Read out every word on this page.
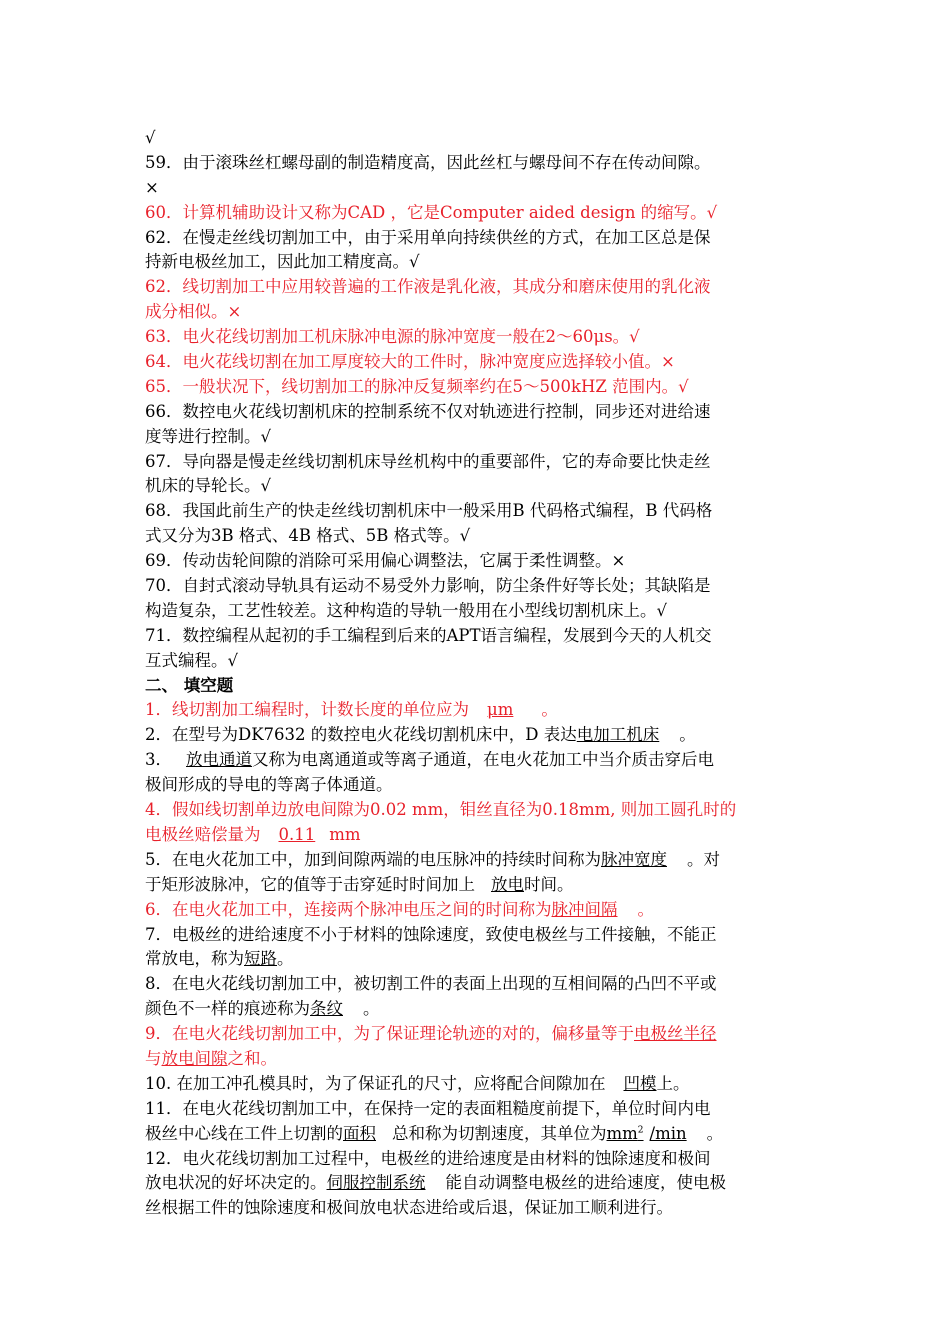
√
59．由于滚珠丝杠螺母副的制造精度高，因此丝杠与螺母间不存在传动间隙。
×
60．计算机辅助设计又称为CAD ，它是Computer aided design 的缩写。√
62．在慢走丝线切割加工中，由于采用单向持续供丝的方式，在加工区总是保
持新电极丝加工，因此加工精度高。√
62．线切割加工中应用较普遍的工作液是乳化液，其成分和磨床使用的乳化液
成分相似。×
63．电火花线切割加工机床脉冲电源的脉冲宽度一般在2～60μs。√
64．电火花线切割在加工厚度较大的工件时，脉冲宽度应选择较小值。×
65．一般状况下，线切割加工的脉冲反复频率约在5～500kHZ 范围内。√
66．数控电火花线切割机床的控制系统不仅对轨迹进行控制，同步还对进给速
度等进行控制。√
67．导向器是慢走丝线切割机床导丝机构中的重要部件，它的寿命要比快走丝
机床的导轮长。√
68．我国此前生产的快走丝线切割机床中一般采用B 代码格式编程，B 代码格
式又分为3B 格式、4B 格式、5B 格式等。√
69．传动齿轮间隙的消除可采用偏心调整法，它属于柔性调整。×
70．自封式滚动导轨具有运动不易受外力影响，防尘条件好等长处；其缺陷是
构造复杂，工艺性较差。这种构造的导轨一般用在小型线切割机床上。√
71．数控编程从起初的手工编程到后来的APT语言编程，发展到今天的人机交
互式编程。√
二、 填空题
1．线切割加工编程时，计数长度的单位应为 μm 。
2．在型号为DK7632 的数控电火花线切割机床中，D 表达电加工机床 。
3． 放电通道又称为电离通道或等离子通道，在电火花加工中当介质击穿后电
极间形成的导电的等离子体通道。
4．假如线切割单边放电间隙为0.02 mm，钼丝直径为0.18mm, 则加工圆孔时的
电极丝赔偿量为 0.11 mm
5．在电火花加工中，加到间隙两端的电压脉冲的持续时间称为脉冲宽度 。对
于矩形波脉冲，它的值等于击穿延时时间加上 放电时间。
6．在电火花加工中，连接两个脉冲电压之间的时间称为脉冲间隔 。
7．电极丝的进给速度不小于材料的蚀除速度，致使电极丝与工件接触，不能正
常放电，称为短路。
8．在电火花线切割加工中，被切割工件的表面上出现的互相间隔的凸凹不平或
颜色不一样的痕迹称为条纹 。
9．在电火花线切割加工中，为了保证理论轨迹的对的，偏移量等于电极丝半径
与放电间隙之和。
10. 在加工冲孔模具时，为了保证孔的尺寸，应将配合间隙加在 凹模上。
11．在电火花线切割加工中，在保持一定的表面粗糙度前提下，单位时间内电
极丝中心线在工件上切割的面积 总和称为切割速度，其单位为$mm^2$ /min 。
12．电火花线切割加工过程中，电极丝的进给速度是由材料的蚀除速度和极间
放电状况的好坏决定的。伺服控制系统 能自动调整电极丝的进给速度，使电极
丝根据工件的蚀除速度和极间放电状态进给或后退，保证加工顺利进行。
